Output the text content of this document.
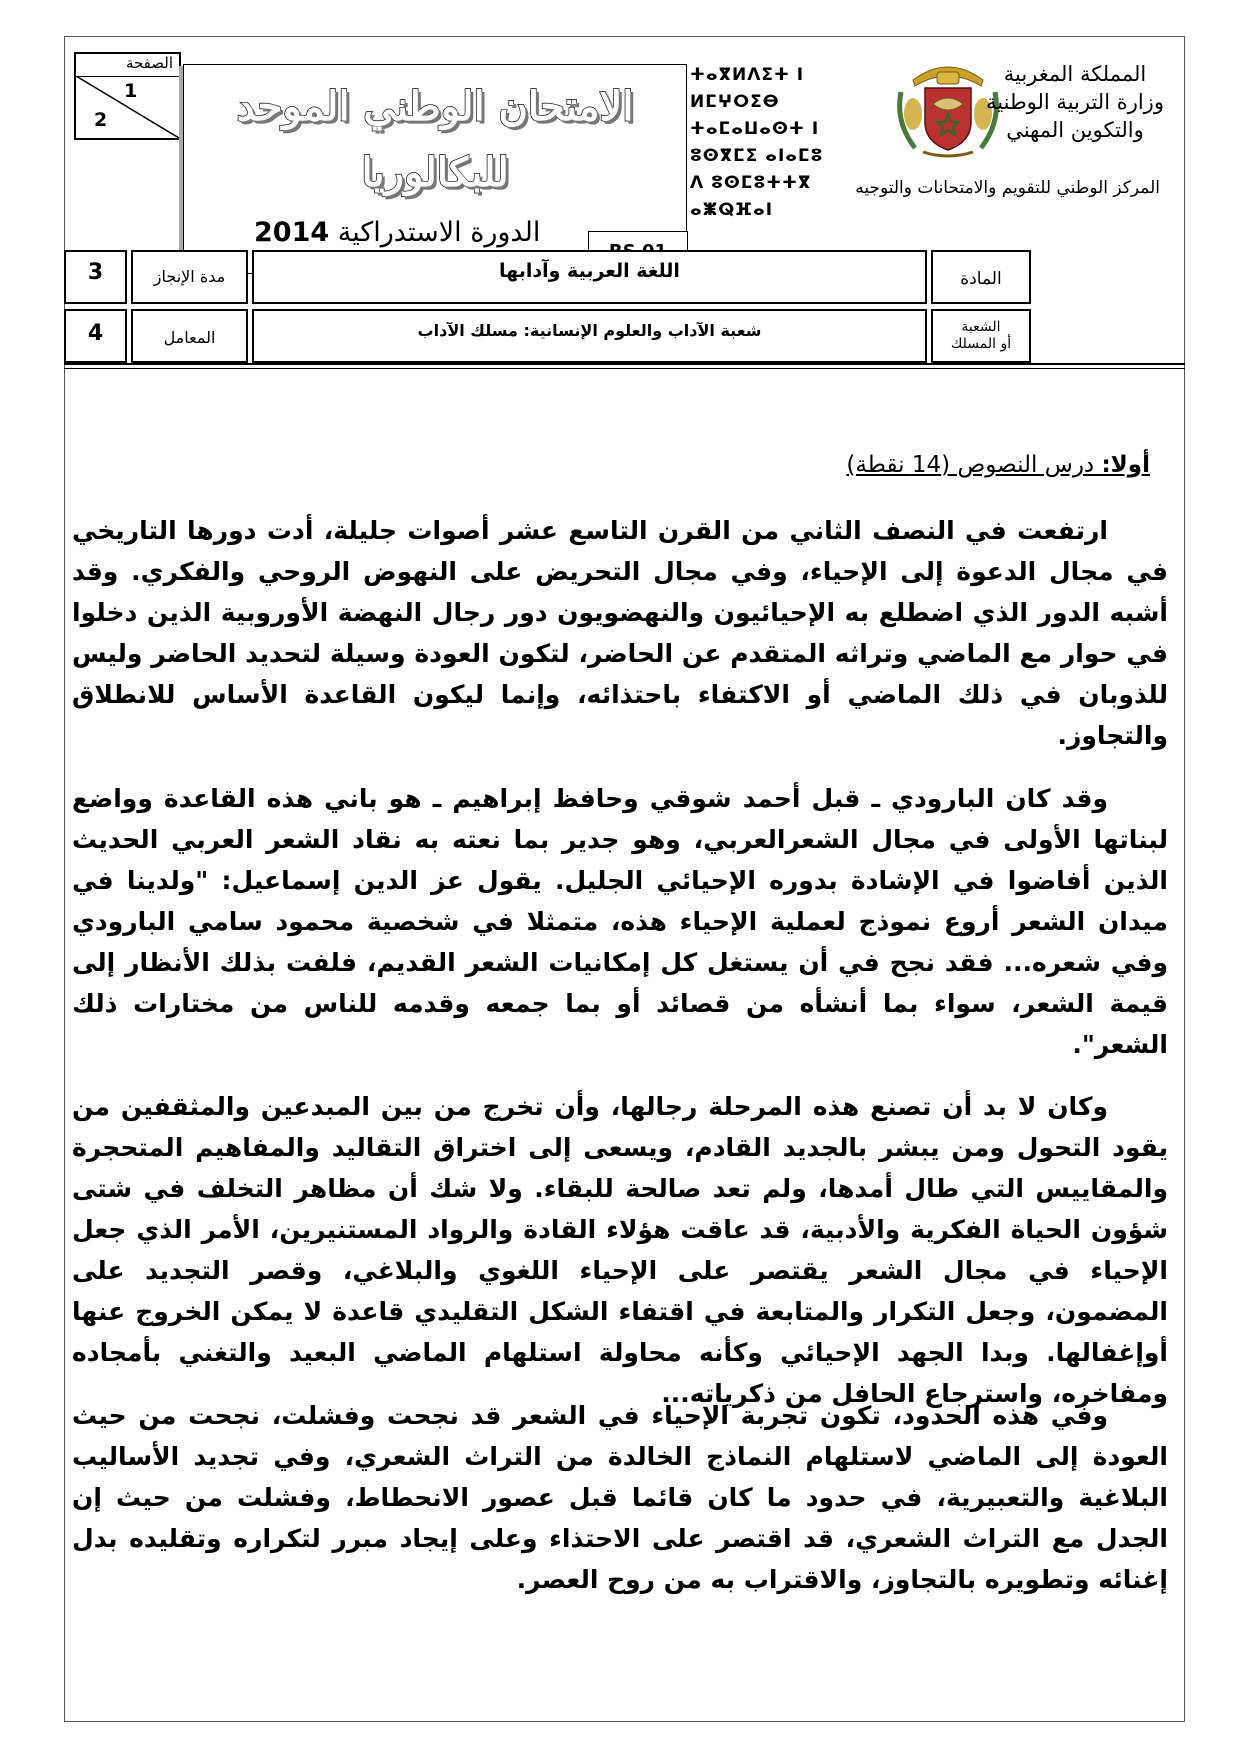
الصفحة
1
2	الامتحان الوطني الموحد
للبكالوريا
الدورة الاستدراكية 2014
ⵜⴰⴳⵍⴷⵉⵜ ⵏ ⵍⵎⵖⵔⵉⴱ
ⵜⴰⵎⴰⵡⴰⵙⵜ ⵏ ⵓⵙⴳⵎⵉ ⴰⵏⴰⵎⵓ
ⴷ ⵓⵙⵎⵓⵜⵜⴳ ⴰⵥⵕⴼⴰⵏ
المملكة المغربية
وزارة التربية الوطنية
والتكوين المهني
المركز الوطني للتقويم والامتحانات والتوجيه
3	مدة الإنجاز	اللغة العربية وآدابها	المادة
4	المعامل	شعبة الآداب والعلوم الإنسانية: مسلك الآداب	الشعبة
أو المسلك
أولا: درس النصوص (14 نقطة)

ارتفعت في النصف الثاني من القرن التاسع عشر أصوات جليلة، أدت دورها التاريخي في مجال الدعوة إلى الإحياء، وفي مجال التحريض على النهوض الروحي والفكري. وقد أشبه الدور الذي اضطلع به الإحيائيون والنهضويون دور رجال النهضة الأوروبية الذين دخلوا في حوار مع الماضي وتراثه المتقدم عن الحاضر، لتكون العودة وسيلة لتحديد الحاضر وليس للذوبان في ذلك الماضي أو الاكتفاء باحتذائه، وإنما ليكون القاعدة الأساس للانطلاق والتجاوز.

وقد كان البارودي ـ قبل أحمد شوقي وحافظ إبراهيم ـ هو باني هذه القاعدة وواضع لبناتها الأولى في مجال الشعرالعربي، وهو جدير بما نعته به نقاد الشعر العربي الحديث الذين أفاضوا في الإشادة بدوره الإحيائي الجليل. يقول عز الدين إسماعيل: "ولدينا في ميدان الشعر أروع نموذج لعملية الإحياء هذه، متمثلا في شخصية محمود سامي البارودي وفي شعره... فقد نجح في أن يستغل كل إمكانيات الشعر القديم، فلفت بذلك الأنظار إلى قيمة الشعر، سواء بما أنشأه من قصائد أو بما جمعه وقدمه للناس من مختارات ذلك الشعر".

وكان لا بد أن تصنع هذه المرحلة رجالها، وأن تخرج من بين المبدعين والمثقفين من يقود التحول ومن يبشر بالجديد القادم، ويسعى إلى اختراق التقاليد والمفاهيم المتحجرة والمقاييس التي طال أمدها، ولم تعد صالحة للبقاء. ولا شك أن مظاهر التخلف في شتى شؤون الحياة الفكرية والأدبية، قد عاقت هؤلاء القادة والرواد المستنيرين، الأمر الذي جعل الإحياء في مجال الشعر يقتصر على الإحياء اللغوي والبلاغي، وقصر التجديد على المضمون، وجعل التكرار والمتابعة في اقتفاء الشكل التقليدي قاعدة لا يمكن الخروج عنها أوإغفالها. وبدا الجهد الإحيائي وكأنه محاولة استلهام الماضي البعيد والتغني بأمجاده ومفاخره، واسترجاع الحافل من ذكرياته...

وفي هذه الحدود، تكون تجربة الإحياء في الشعر قد نجحت وفشلت، نجحت من حيث العودة إلى الماضي لاستلهام النماذج الخالدة من التراث الشعري، وفي تجديد الأساليب البلاغية والتعبيرية، في حدود ما كان قائما قبل عصور الانحطاط، وفشلت من حيث إن الجدل مع التراث الشعري، قد اقتصر على الاحتذاء وعلى إيجاد مبرر لتكراره وتقليده بدل إغنائه وتطويره بالتجاوز، والاقتراب به من روح العصر.
